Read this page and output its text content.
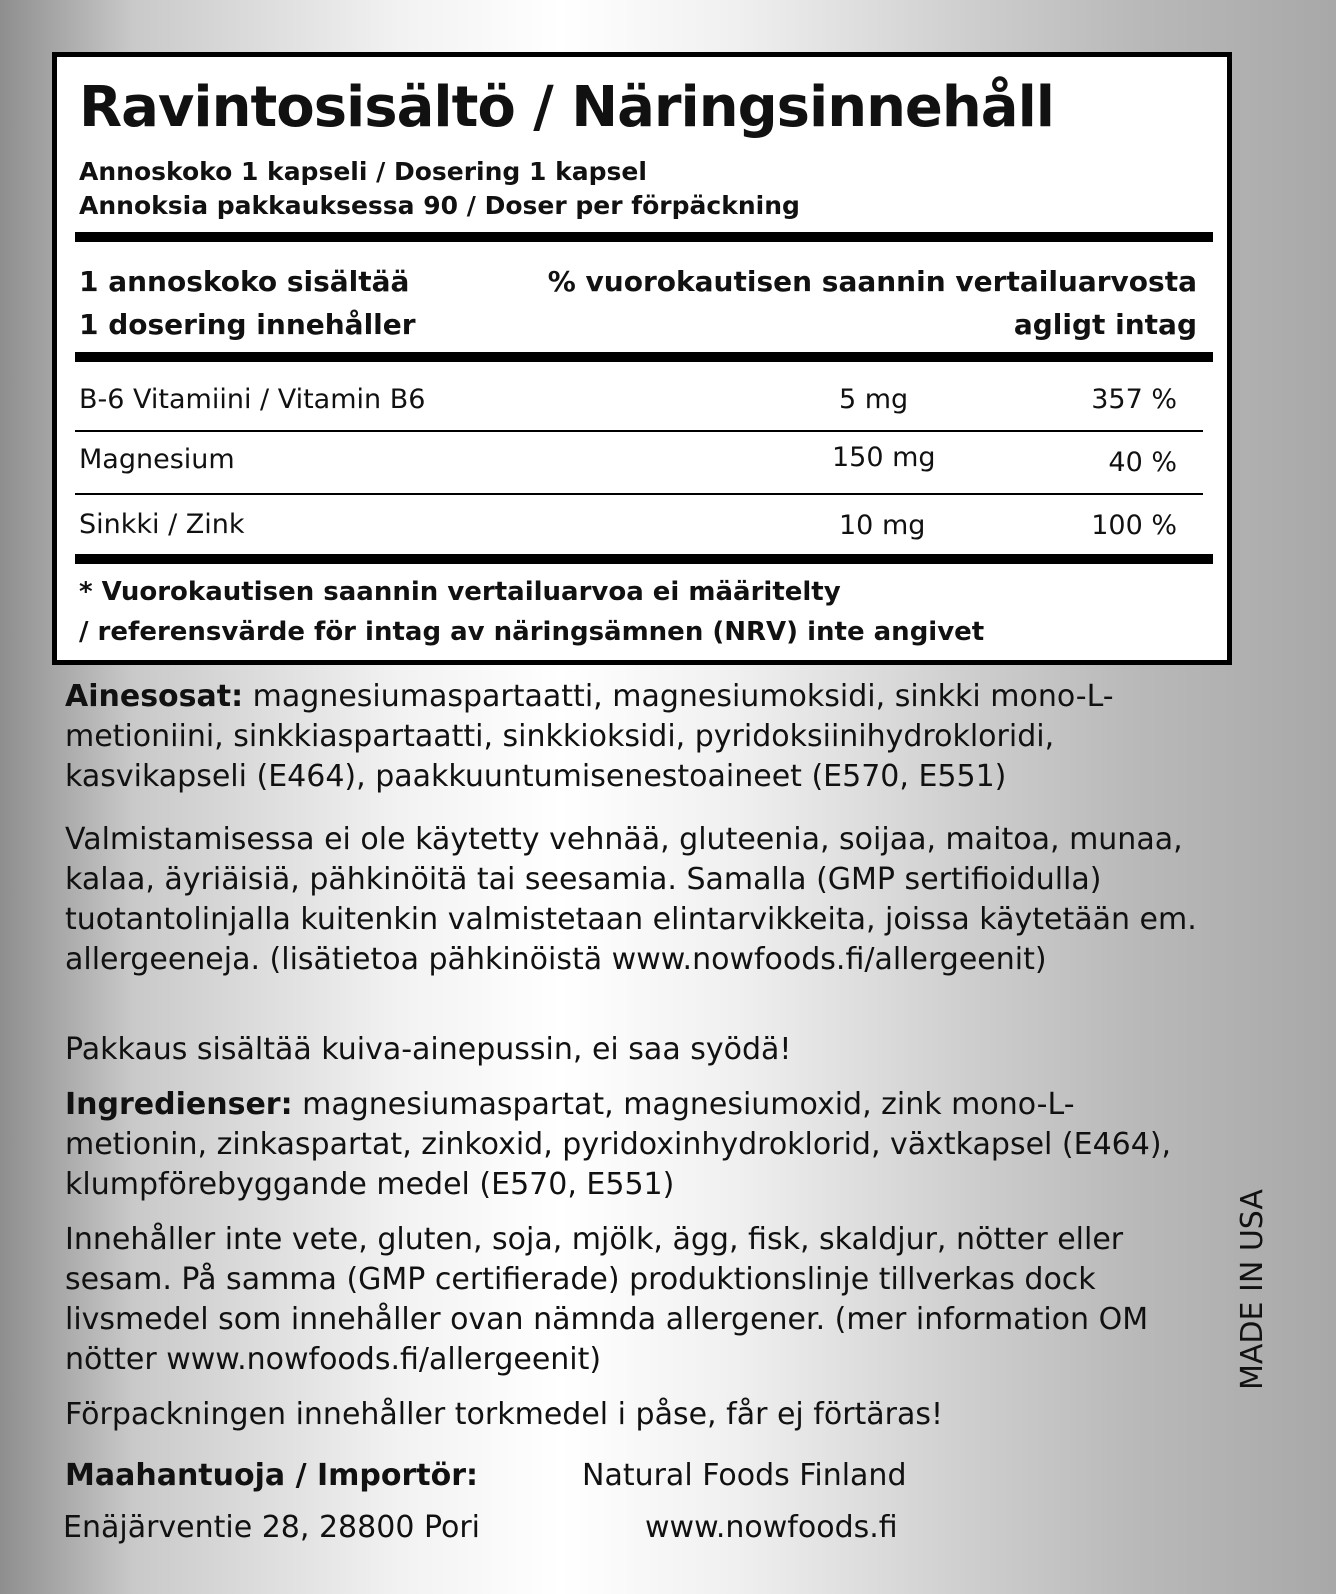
Ravintosisältö / Näringsinnehåll
Annoskoko 1 kapseli / Dosering 1 kapsel
Annoksia pakkauksessa 90 / Doser per förpäckning
1 annoskoko sisältää
1 dosering innehåller
% vuorokautisen saannin vertailuarvosta
agligt intag
B-6 Vitamiini / Vitamin B6	5 mg	357 %
Magnesium	150 mg	40 %
Sinkki / Zink	10 mg	100 %
* Vuorokautisen saannin vertailuarvoa ei määritelty
/ referensvärde för intag av näringsämnen (NRV) inte angivet

Ainesosat: magnesiumaspartaatti, magnesiumoksidi, sinkki mono-L-metioniini, sinkkiaspartaatti, sinkkioksidi, pyridoksiinihydrokloridi, kasvikapseli (E464), paakkuuntumisenestoaineet (E570, E551)

Valmistamisessa ei ole käytetty vehnää, gluteenia, soijaa, maitoa, munaa, kalaa, äyriäisiä, pähkinöitä tai seesamia. Samalla (GMP sertifioidulla) tuotantolinjalla kuitenkin valmistetaan elintarvikkeita, joissa käytetään em. allergeeneja. (lisätietoa pähkinöistä www.nowfoods.fi/allergeenit)

Pakkaus sisältää kuiva-ainepussin, ei saa syödä!

Ingredienser: magnesiumaspartat, magnesiumoxid, zink mono-L-metionin, zinkaspartat, zinkoxid, pyridoxinhydroklorid, växtkapsel (E464), klumpförebyggande medel (E570, E551)

Innehåller inte vete, gluten, soja, mjölk, ägg, fisk, skaldjur, nötter eller sesam. På samma (GMP certifierade) produktionslinje tillverkas dock livsmedel som innehåller ovan nämnda allergener. (mer information OM nötter www.nowfoods.fi/allergeenit)

Förpackningen innehåller torkmedel i påse, får ej förtäras!

MADE IN USA
Maahantuoja / Importör:	Natural Foods Finland
Enäjärventie 28, 28800 Pori	www.nowfoods.fi
